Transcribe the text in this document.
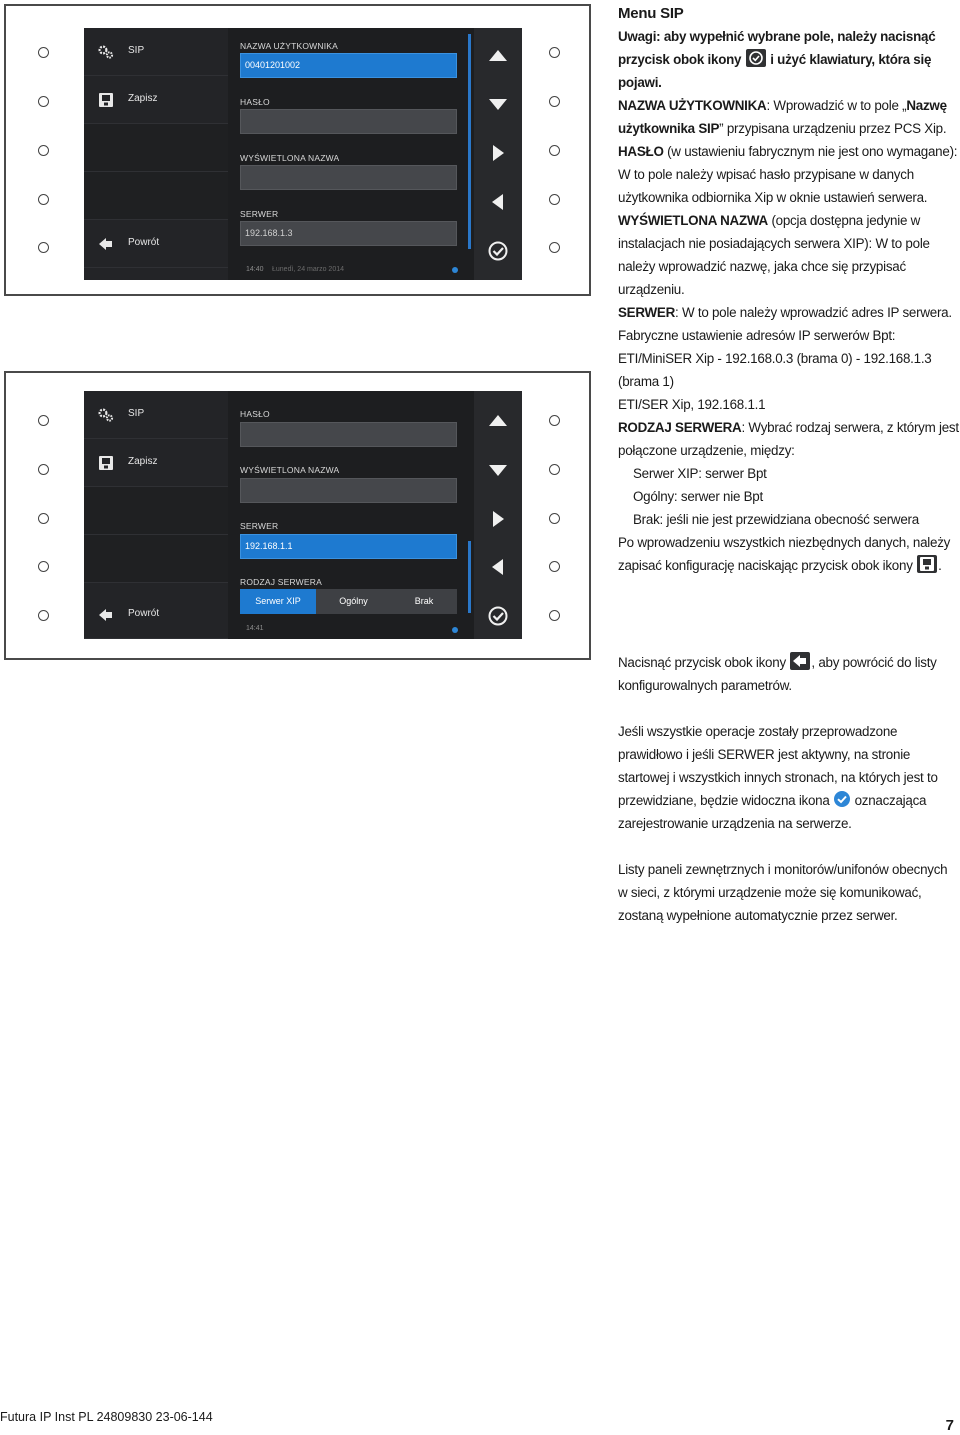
SIP
Zapisz
Powrót
NAZWA UŻYTKOWNIKA
00401201002
HASŁO
WYŚWIETLONA NAZWA
SERWER
192.168.1.3
14:40 Łunedì, 24 marzo 2014
SIP
Zapisz
Powrót
HASŁO
WYŚWIETLONA NAZWA
SERWER
192.168.1.1
RODZAJ SERWERA
Serwer XIP	Ogólny	Brak
14:41

Menu SIP

Uwagi: aby wypełnić wybrane pole, należy nacisnąć przycisk obok ikony i użyć klawiatury, która się pojawi.

NAZWA UŻYTKOWNIKA: Wprowadzić w to pole „Nazwę użytkownika SIP” przypisana urządzeniu przez PCS Xip.

HASŁO (w ustawieniu fabrycznym nie jest ono wymagane): W to pole należy wpisać hasło przypisane w danych użytkownika odbiornika Xip w oknie ustawień serwera.

WYŚWIETLONA NAZWA (opcja dostępna jedynie w instalacjach nie posiadających serwera XIP): W to pole należy wprowadzić nazwę, jaka chce się przypisać urządzeniu.

SERWER: W to pole należy wprowadzić adres IP serwera.

Fabryczne ustawienie adresów IP serwerów Bpt:

ETI/MiniSER Xip - 192.168.0.3 (brama 0) - 192.168.1.3 (brama 1)

ETI/SER Xip, 192.168.1.1

RODZAJ SERWERA: Wybrać rodzaj serwera, z którym jest połączone urządzenie, między:

Serwer XIP: serwer Bpt

Ogólny: serwer nie Bpt

Brak: jeśli nie jest przewidziana obecność serwera

Po wprowadzeniu wszystkich niezbędnych danych, należy zapisać konfigurację naciskając przycisk obok ikony .

Nacisnąć przycisk obok ikony , aby powrócić do listy konfigurowalnych parametrów.

Jeśli wszystkie operacje zostały przeprowadzone prawidłowo i jeśli SERWER jest aktywny, na stronie startowej i wszystkich innych stronach, na których jest to przewidziane, będzie widoczna ikona oznaczająca zarejestrowanie urządzenia na serwerze.

Listy paneli zewnętrznych i monitorów/unifonów obecnych w sieci, z którymi urządzenie może się komunikować, zostaną wypełnione automatycznie przez serwer.

Futura IP Inst PL 24809830 23-06-144	7
